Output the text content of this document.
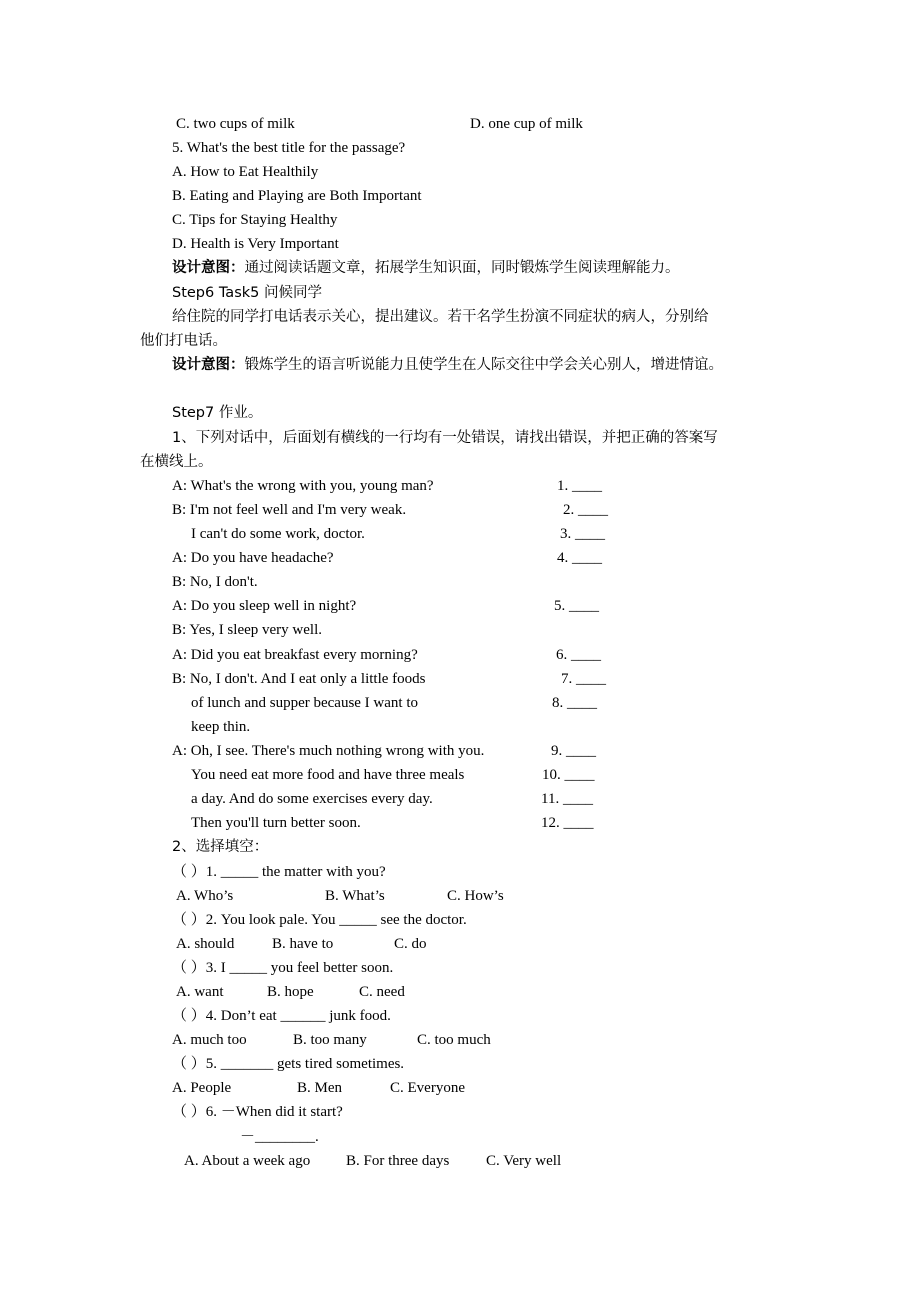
C. two cups of milk	D. one cup of milk
5. What's the best title for the passage?
A. How to Eat Healthily
B. Eating and Playing are Both Important
C. Tips for Staying Healthy
D. Health is Very Important
设计意图：通过阅读话题文章，拓展学生知识面，同时锻炼学生阅读理解能力。
Step6 Task5 问候同学
给住院的同学打电话表示关心，提出建议。若干名学生扮演不同症状的病人，分别给
他们打电话。
设计意图：锻炼学生的语言听说能力且使学生在人际交往中学会关心别人，增进情谊。
Step7 作业。
1、下列对话中，后面划有横线的一行均有一处错误，请找出错误，并把正确的答案写
在横线上。
A: What's the wrong with you, young man?	1. ____
B: I'm not feel well and I'm very weak.	2. ____
I can't do some work, doctor.	3. ____
A: Do you have headache?	4. ____
B: No, I don't.
A: Do you sleep well in night?	5. ____
B: Yes, I sleep very well.
A: Did you eat breakfast every morning?	6. ____
B: No, I don't. And I eat only a little foods	7. ____
of lunch and supper because I want to	8. ____
keep thin.
A: Oh, I see. There's much nothing wrong with you.	9. ____
You need eat more food and have three meals	10. ____
a day. And do some exercises every day.	11. ____
Then you'll turn better soon.	12. ____
2、选择填空：
（ ）1. _____ the matter with you?
A. Who’s	B. What’s	C. How’s
（ ）2. You look pale. You _____ see the doctor.
A. should	B. have to	C. do
（ ）3. I _____ you feel better soon.
A. want	B. hope	C. need
（ ）4. Don’t eat ______ junk food.
A. much too	B. too many	C. too much
（ ）5. _______ gets tired sometimes.
A. People	B. Men	C. Everyone
（ ）6. －When did it start?
－________.
A. About a week ago B. For three days C. Very well
